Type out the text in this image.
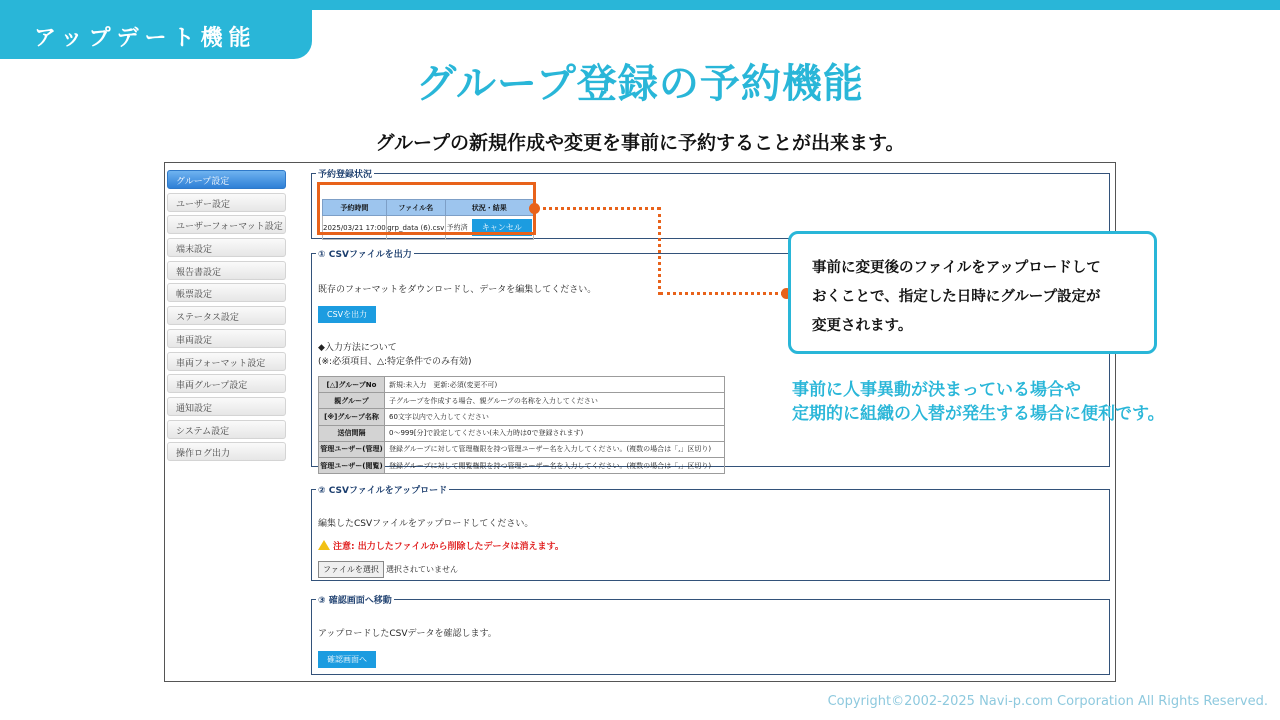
アップデート機能
グループ登録の予約機能
グループの新規作成や変更を事前に予約することが出来ます。
グループ設定
ユーザー設定
ユーザーフォーマット設定
端末設定
報告書設定
帳票設定
ステータス設定
車両設定
車両フォーマット設定
車両グループ設定
通知設定
システム設定
操作ログ出力
予約登録状況
予約時間	ファイル名	状況・結果
2025/03/21 17:00	grp_data (6).csv	予約済 キャンセル
① CSVファイルを出力
既存のフォーマットをダウンロードし、データを編集してください。
CSVを出力
◆入力方法について
(※:必須項目、△:特定条件でのみ有効)
[△]グループNo	新規:未入力　更新:必須(変更不可)
親グループ	子グループを作成する場合、親グループの名称を入力してください
[※]グループ名称	60文字以内で入力してください
送信間隔	0～999[分]で設定してください(未入力時は0で登録されます)
管理ユーザー(管理)	登録グループに対して管理権限を持つ管理ユーザー名を入力してください。(複数の場合は「,」区切り)
管理ユーザー(閲覧)	登録グループに対して閲覧権限を持つ管理ユーザー名を入力してください。(複数の場合は「,」区切り)
② CSVファイルをアップロード
編集したCSVファイルをアップロードしてください。
注意: 出力したファイルから削除したデータは消えます。
ファイルを選択 選択されていません
③ 確認画面へ移動
アップロードしたCSVデータを確認します。
確認画面へ
事前に変更後のファイルをアップロードして
おくことで、指定した日時にグループ設定が
変更されます。
事前に人事異動が決まっている場合や
定期的に組織の入替が発生する場合に便利です。
Copyright©2002-2025 Navi-p.com Corporation All Rights Reserved.
